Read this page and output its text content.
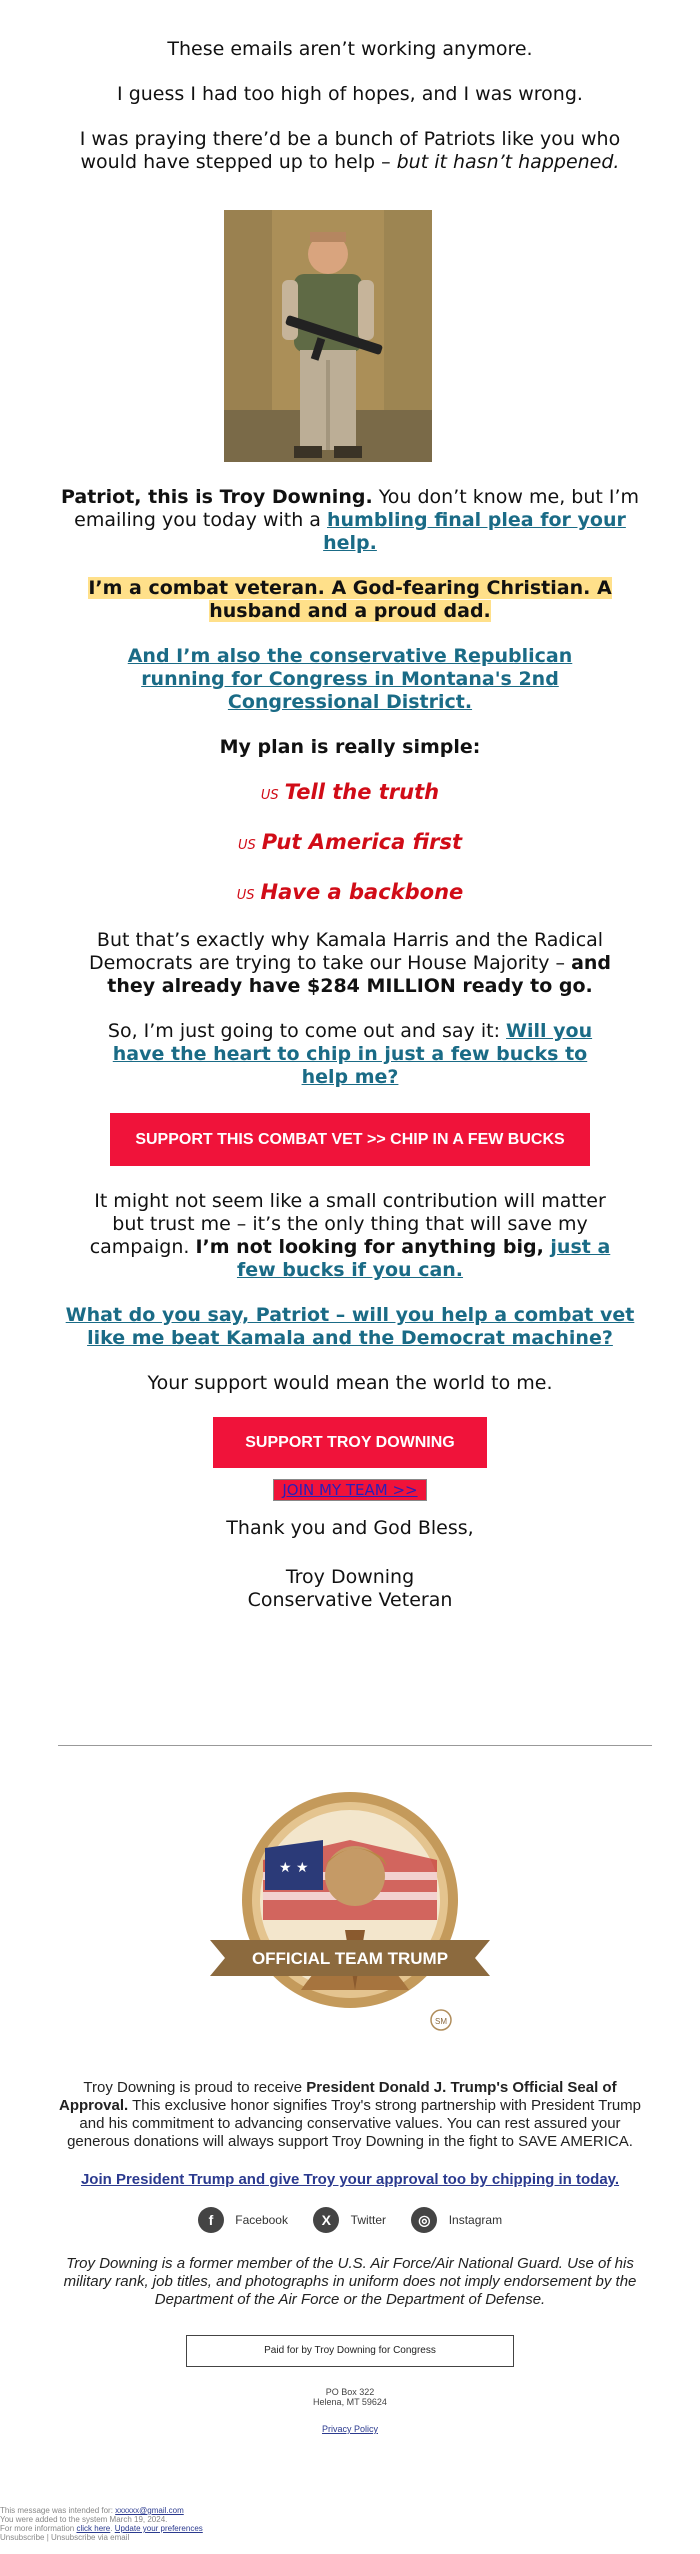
These emails aren’t working anymore.
I guess I had too high of hopes, and I was wrong.
I was praying there’d be a bunch of Patriots like you who would have stepped up to help – but it hasn’t happened.
Patriot, this is Troy Downing. You don’t know me, but I’m emailing you today with a humbling final plea for your help.
I’m a combat veteran. A God-fearing Christian. A husband and a proud dad.
And I’m also the conservative Republican running for Congress in Montana's 2nd Congressional District.
My plan is really simple:
US Tell the truth
US Put America first
US Have a backbone
But that’s exactly why Kamala Harris and the Radical Democrats are trying to take our House Majority – and they already have $284 MILLION ready to go.
So, I’m just going to come out and say it: Will you have the heart to chip in just a few bucks to help me?
SUPPORT THIS COMBAT VET >> CHIP IN A FEW BUCKS
It might not seem like a small contribution will matter but trust me – it’s the only thing that will save my campaign. I’m not looking for anything big, just a few bucks if you can.
What do you say, Patriot – will you help a combat vet like me beat Kamala and the Democrat machine?
Your support would mean the world to me.
SUPPORT TROY DOWNING
JOIN MY TEAM >>
Thank you and God Bless,
Troy Downing
Conservative Veteran
★ ★
OFFICIAL TEAM TRUMP
SM
Troy Downing is proud to receive President Donald J. Trump's Official Seal of Approval. This exclusive honor signifies Troy's strong partnership with President Trump and his commitment to advancing conservative values. You can rest assured your generous donations will always support Troy Downing in the fight to SAVE AMERICA.
Join President Trump and give Troy your approval too by chipping in today.
f Facebook X Twitter ◎ Instagram
Troy Downing is a former member of the U.S. Air Force/Air National Guard. Use of his military rank, job titles, and photographs in uniform does not imply endorsement by the Department of the Air Force or the Department of Defense.
Paid for by Troy Downing for Congress
PO Box 322
Helena, MT 59624
Privacy Policy
This message was intended for: xxxxxx@gmail.com
You were added to the system March 19, 2024.
For more information click here. Update your preferences
Unsubscribe | Unsubscribe via email
